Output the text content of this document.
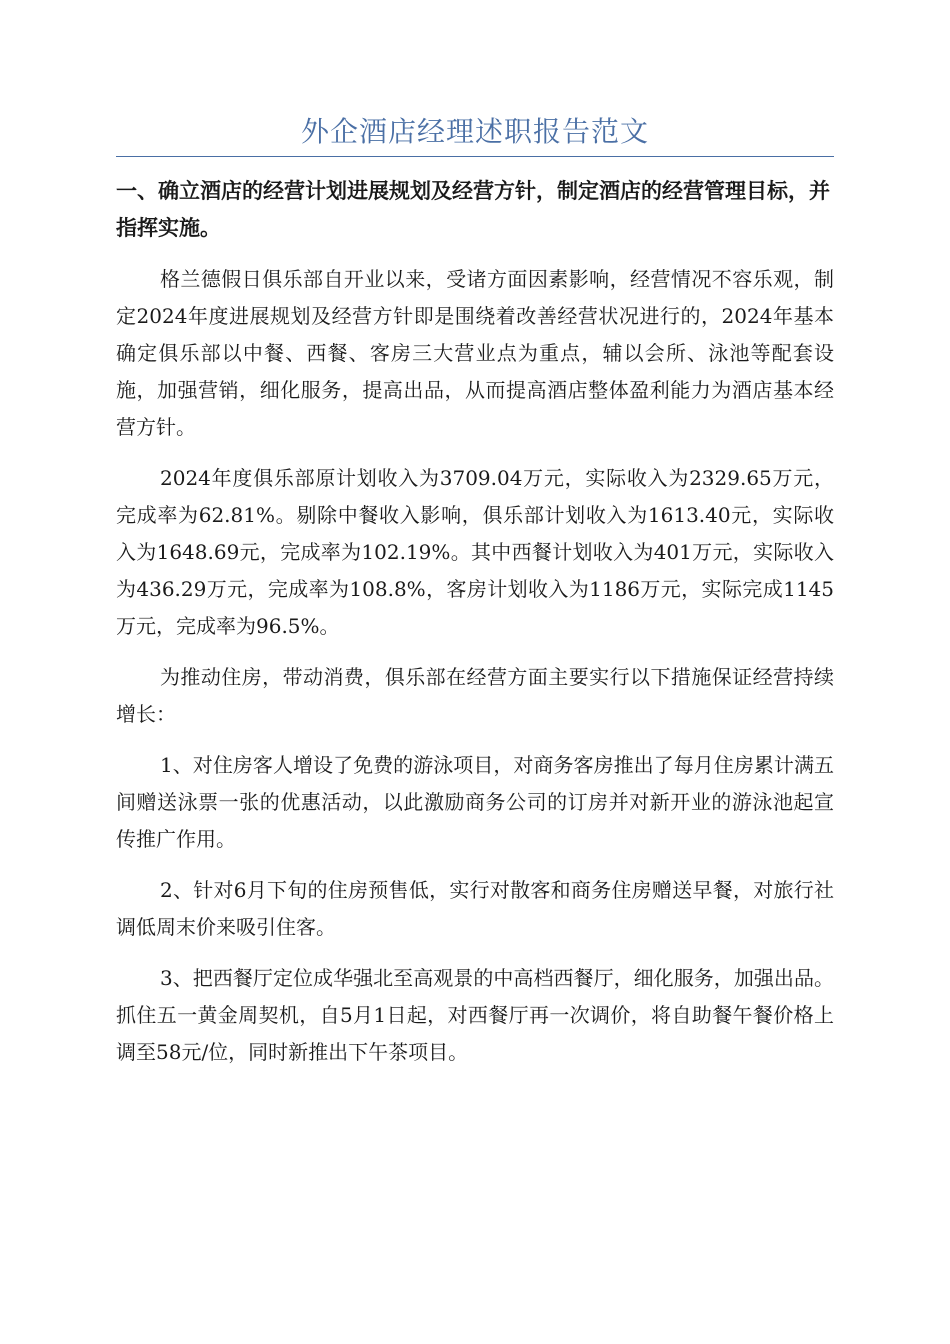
外企酒店经理述职报告范文

一、确立酒店的经营计划进展规划及经营方针，制定酒店的经营管理目标，并指挥实施。

格兰德假日俱乐部自开业以来，受诸方面因素影响，经营情况不容乐观，制定2024年度进展规划及经营方针即是围绕着改善经营状况进行的，2024年基本确定俱乐部以中餐、西餐、客房三大营业点为重点，辅以会所、泳池等配套设施，加强营销，细化服务，提高出品，从而提高酒店整体盈利能力为酒店基本经营方针。

2024年度俱乐部原计划收入为3709.04万元，实际收入为2329.65万元，完成率为62.81%。剔除中餐收入影响，俱乐部计划收入为1613.40元，实际收入为1648.69元，完成率为102.19%。其中西餐计划收入为401万元，实际收入为436.29万元，完成率为108.8%，客房计划收入为1186万元，实际完成1145万元，完成率为96.5%。

为推动住房，带动消费，俱乐部在经营方面主要实行以下措施保证经营持续增长：

1、对住房客人增设了免费的游泳项目，对商务客房推出了每月住房累计满五间赠送泳票一张的优惠活动，以此激励商务公司的订房并对新开业的游泳池起宣传推广作用。

2、针对6月下旬的住房预售低，实行对散客和商务住房赠送早餐，对旅行社调低周末价来吸引住客。

3、把西餐厅定位成华强北至高观景的中高档西餐厅，细化服务，加强出品。抓住五一黄金周契机，自5月1日起，对西餐厅再一次调价，将自助餐午餐价格上调至58元/位，同时新推出下午茶项目。
